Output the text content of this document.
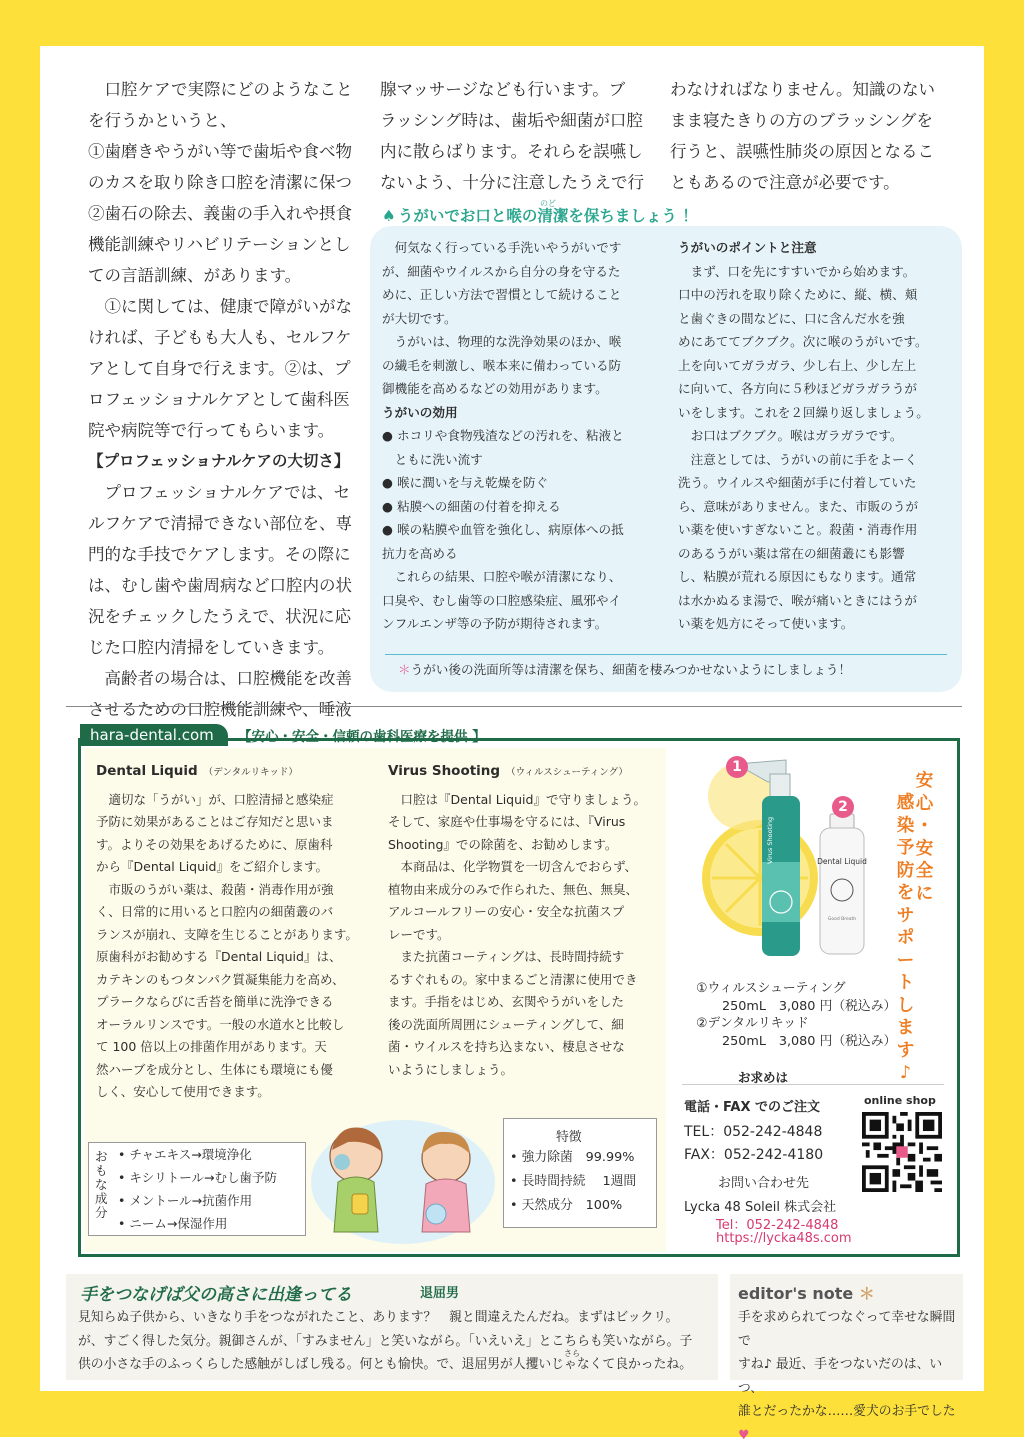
口腔ケアで実際にどのようなこと

を行うかというと、

①歯磨きやうがい等で歯垢や食べ物

のカスを取り除き口腔を清潔に保つ

②歯石の除去、義歯の手入れや摂食

機能訓練やリハビリテーションとし

ての言語訓練、があります。

①に関しては、健康で障がいがな

ければ、子どもも大人も、セルフケ

アとして自身で行えます。②は、プ

ロフェッショナルケアとして歯科医

院や病院等で行ってもらいます。

【プロフェッショナルケアの大切さ】

プロフェッショナルケアでは、セ

ルフケアで清掃できない部位を、専

門的な手技でケアします。その際に

は、むし歯や歯周病など口腔内の状

況をチェックしたうえで、状況に応

じた口腔内清掃をしていきます。

高齢者の場合は、口腔機能を改善

させるための口腔機能訓練や、唾液

腺マッサージなども行います。ブ

ラッシング時は、歯垢や細菌が口腔

内に散らばります。それらを誤嚥し

ないよう、十分に注意したうえで行

わなければなりません。知識のない

まま寝たきりの方のブラッシングを

行うと、誤嚥性肺炎の原因となるこ

ともあるので注意が必要です。

のど
♠ うがいでお口と喉の清潔を保ちましょう ！

何気なく行っている手洗いやうがいです

が、細菌やウイルスから自分の身を守るた

めに、正しい方法で習慣として続けること

が大切です。

うがいは、物理的な洗浄効果のほか、喉

の繊毛を刺激し、喉本来に備わっている防

御機能を高めるなどの効用があります。

うがいの効用

● ホコリや食物残渣などの汚れを、粘液と

ともに洗い流す

● 喉に潤いを与え乾燥を防ぐ

● 粘膜への細菌の付着を抑える

● 喉の粘膜や血管を強化し、病原体への抵

抗力を高める

これらの結果、口腔や喉が清潔になり、

口臭や、むし歯等の口腔感染症、風邪やイ

ンフルエンザ等の予防が期待されます。

うがいのポイントと注意

まず、口を先にすすいでから始めます。

口中の汚れを取り除くために、縦、横、頬

と歯ぐきの間などに、口に含んだ水を強

めにあててブクブク。次に喉のうがいです。

上を向いてガラガラ、少し右上、少し左上

に向いて、各方向に５秒ほどガラガラうが

いをします。これを２回繰り返しましょう。

お口はブクブク。喉はガラガラです。

注意としては、うがいの前に手をよーく

洗う。ウイルスや細菌が手に付着していた

ら、意味がありません。また、市販のうが

い薬を使いすぎないこと。殺菌・消毒作用

のあるうがい薬は常在の細菌叢にも影響

し、粘膜が荒れる原因にもなります。通常

は水かぬるま湯で、喉が痛いときにはうが

い薬を処方にそって使います。

＊うがい後の洗面所等は清潔を保ち、細菌を棲みつかせないようにしましょう！
hara-dental.com	【安心・安全・信頼の歯科医療を提供 】

Dental Liquid （デンタルリキッド）

適切な「うがい」が、口腔清掃と感染症

予防に効果があることはご存知だと思いま

す。よりその効果をあげるために、原歯科

から『Dental Liquid』をご紹介します。

市販のうがい薬は、殺菌・消毒作用が強

く、日常的に用いると口腔内の細菌叢のバ

ランスが崩れ、支障を生じることがあります。

原歯科がお勧めする『Dental Liquid』は、

カテキンのもつタンパク質凝集能力を高め、

プラークならびに舌苔を簡単に洗浄できる

オーラルリンスです。一般の水道水と比較し

て 100 倍以上の排菌作用があります。天

然ハーブを成分とし、生体にも環境にも優

しく、安心して使用できます。

おもな成分

• チャエキス→環境浄化

• キシリトール→むし歯予防

• メントール→抗菌作用

• ニーム→保湿作用

Virus Shooting （ウィルスシューティング）

口腔は『Dental Liquid』で守りましょう。

そして、家庭や仕事場を守るには、『Virus

Shooting』での除菌を、お勧めします。

本商品は、化学物質を一切含んでおらず、

植物由来成分のみで作られた、無色、無臭、

アルコールフリーの安心・安全な抗菌スプ

レーです。

また抗菌コーティングは、長時間持続す

るすぐれもの。家中まるごと清潔に使用でき

ます。手指をはじめ、玄関やうがいをした

後の洗面所周囲にシューティングして、細

菌・ウイルスを持ち込まない、棲息させな

いようにしましょう。

特徴

• 強力除菌　99.99%

• 長時間持続　 1週間

• 天然成分　100%

Virus Shooting	Dental Liquid
Good Breath
1
2
安
心
・
安
全
に
感
染
予
防
を
サ
ポ
ー
ト
し
ま
す
♪

①ウィルスシューティング

250mL　3,080 円（税込み）

②デンタルリキッド

250mL　3,080 円（税込み）

お求めは
電話・FAX でのご注文
TEL：052-242-4848
FAX：052-242-4180
お問い合わせ先
Lycka 48 Soleil 株式会社
Tel：052-242-4848
https://lycka48s.com
online shop
手をつなげば父の高さに出逢ってる	退屈男
さら

見知らぬ子供から、いきなり手をつながれたこと、あります？　親と間違えたんだね。まずはビックリ。

が、すごく得した気分。親御さんが、「すみません」と笑いながら。「いえいえ」とこちらも笑いながら。子

供の小さな手のふっくらした感触がしばし残る。何とも愉快。で、退屈男が人攫いじゃなくて良かったね。

editor's note ＊

手を求められてつなぐって幸せな瞬間で

すね♪ 最近、手をつないだのは、いつ、

誰とだったかな……愛犬のお手でした♥
